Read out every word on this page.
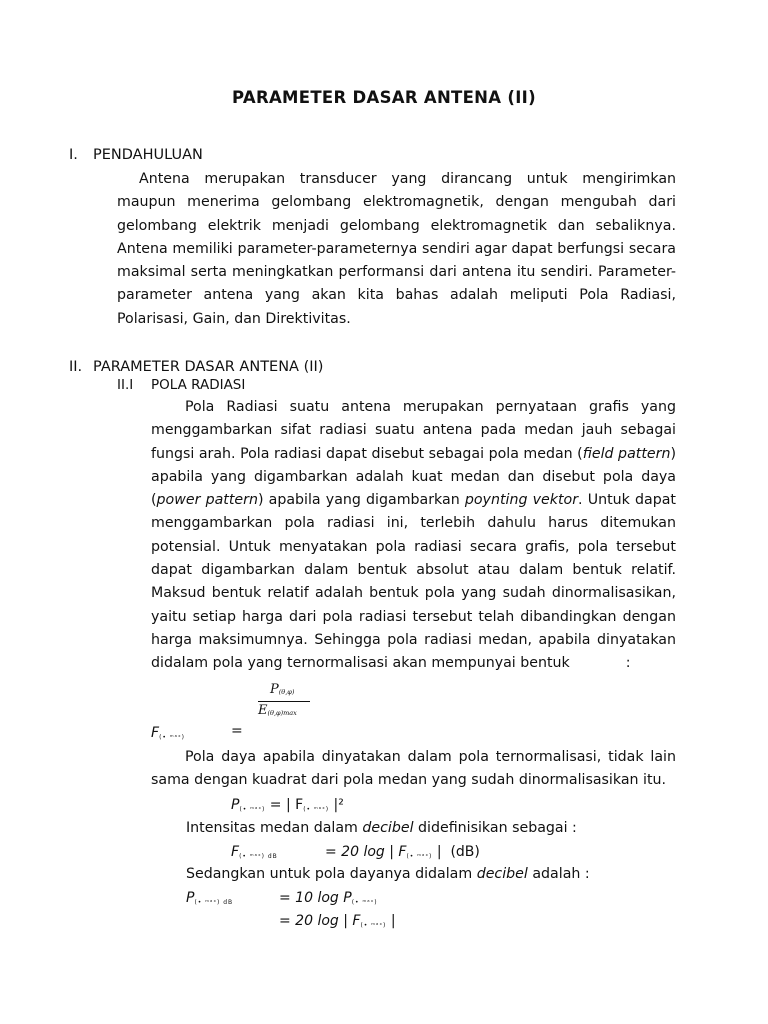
PARAMETER DASAR ANTENA (II)
I. PENDAHULUAN
Antena merupakan transducer yang dirancang untuk mengirimkan maupun menerima gelombang elektromagnetik, dengan mengubah dari gelombang elektrik menjadi gelombang elektromagnetik dan sebaliknya. Antena memiliki parameter-parameternya sendiri agar dapat berfungsi secara maksimal serta meningkatkan performansi dari antena itu sendiri. Parameter-parameter antena yang akan kita bahas adalah meliputi Pola Radiasi, Polarisasi, Gain, dan Direktivitas.
II. PARAMETER DASAR ANTENA (II)
II.I POLA RADIASI
Pola Radiasi suatu antena merupakan pernyataan grafis yang menggambarkan sifat radiasi suatu antena pada medan jauh sebagai fungsi arah. Pola radiasi dapat disebut sebagai pola medan (field pattern) apabila yang digambarkan adalah kuat medan dan disebut pola daya (power pattern) apabila yang digambarkan poynting vektor. Untuk dapat menggambarkan pola radiasi ini, terlebih dahulu harus ditemukan potensial. Untuk menyatakan pola radiasi secara grafis, pola tersebut dapat digambarkan dalam bentuk absolut atau dalam bentuk relatif. Maksud bentuk relatif adalah bentuk pola yang sudah dinormalisasikan, yaitu setiap harga dari pola radiasi tersebut telah dibandingkan dengan harga maksimumnya. Sehingga pola radiasi medan, apabila dinyatakan didalam pola yang ternormalisasi akan mempunyai bentuk	:
P(θ,φ)
E(θ,φ)max
$F_{(• ᵐᵃˣ)}$	=
Pola daya apabila dinyatakan dalam pola ternormalisasi, tidak lain sama dengan kuadrat dari pola medan yang sudah dinormalisasikan itu.
$P_{(• ᵐᵃˣ)}$ = | $F_{(• ᵐᵃˣ)}$ |²
Intensitas medan dalam decibel didefinisikan sebagai :
$F_{(• ᵐᵃˣ) dB}$	= 20 log | $F_{(• ᵐᵃˣ)}$ | (dB)
Sedangkan untuk pola dayanya didalam decibel adalah :
$P_{(• ᵐᵃˣ) dB}$	= 10 $\log P_{(• ᵐᵃˣ)}$
= 20 log | $F_{(• ᵐᵃˣ)}$ |
